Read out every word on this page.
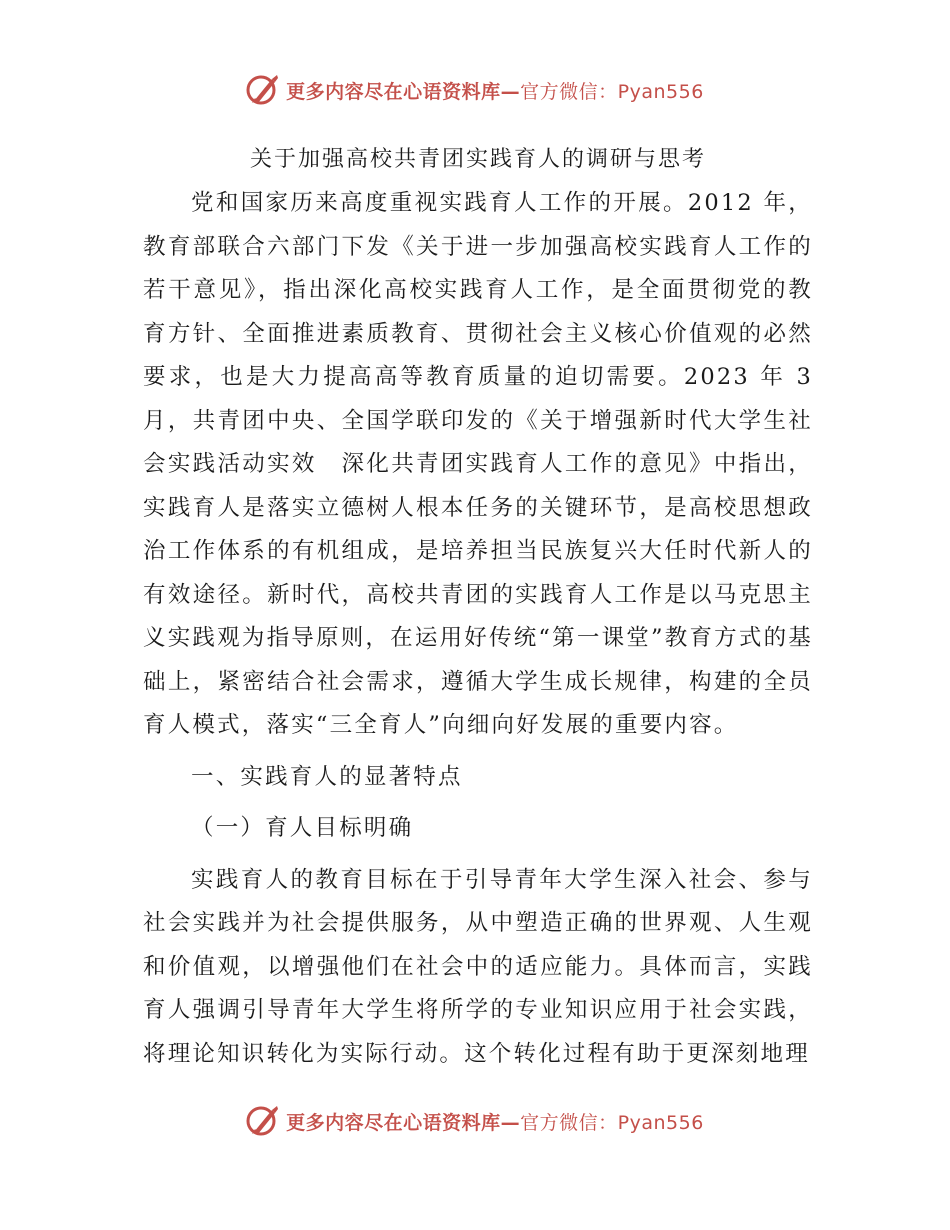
更多内容尽在心语资料库—官方微信：Pyan556

关于加强高校共青团实践育人的调研与思考

党和国家历来高度重视实践育人工作的开展。2012 年，教育部联合六部门下发《关于进一步加强高校实践育人工作的若干意见》，指出深化高校实践育人工作，是全面贯彻党的教育方针、全面推进素质教育、贯彻社会主义核心价值观的必然要求，也是大力提高高等教育质量的迫切需要。2023 年 3 月，共青团中央、全国学联印发的《关于增强新时代大学生社会实践活动实效　深化共青团实践育人工作的意见》中指出，实践育人是落实立德树人根本任务的关键环节，是高校思想政治工作体系的有机组成，是培养担当民族复兴大任时代新人的有效途径。新时代，高校共青团的实践育人工作是以马克思主义实践观为指导原则，在运用好传统“第一课堂”教育方式的基础上，紧密结合社会需求，遵循大学生成长规律，构建的全员育人模式，落实“三全育人”向细向好发展的重要内容。

一、实践育人的显著特点

（一）育人目标明确

实践育人的教育目标在于引导青年大学生深入社会、参与社会实践并为社会提供服务，从中塑造正确的世界观、人生观和价值观，以增强他们在社会中的适应能力。具体而言，实践育人强调引导青年大学生将所学的专业知识应用于社会实践，将理论知识转化为实际行动。这个转化过程有助于更深刻地理

更多内容尽在心语资料库—官方微信：Pyan556
